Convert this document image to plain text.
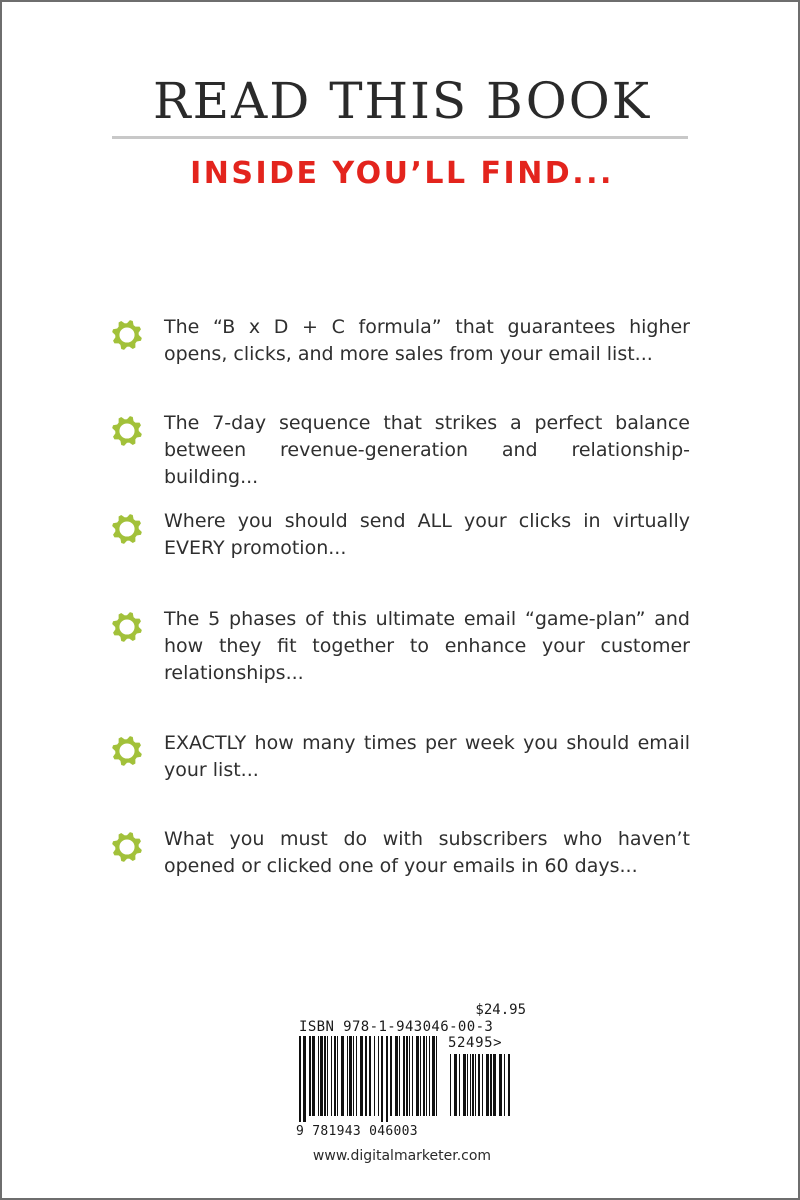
READ THIS BOOK
INSIDE YOU’LL FIND...
The “B x D + C formula” that guarantees higher opens, clicks, and more sales from your email list...
The 7-day sequence that strikes a perfect balance between revenue-generation and relationship-building...
Where you should send ALL your clicks in virtually EVERY promotion...
The 5 phases of this ultimate email “game-plan” and how they fit together to enhance your customer relationships...
EXACTLY how many times per week you should email your list...
What you must do with subscribers who haven’t opened or clicked one of your emails in 60 days...
$24.95
ISBN 978-1-943046-00-3
52495>
9 781943 046003
www.digitalmarketer.com
